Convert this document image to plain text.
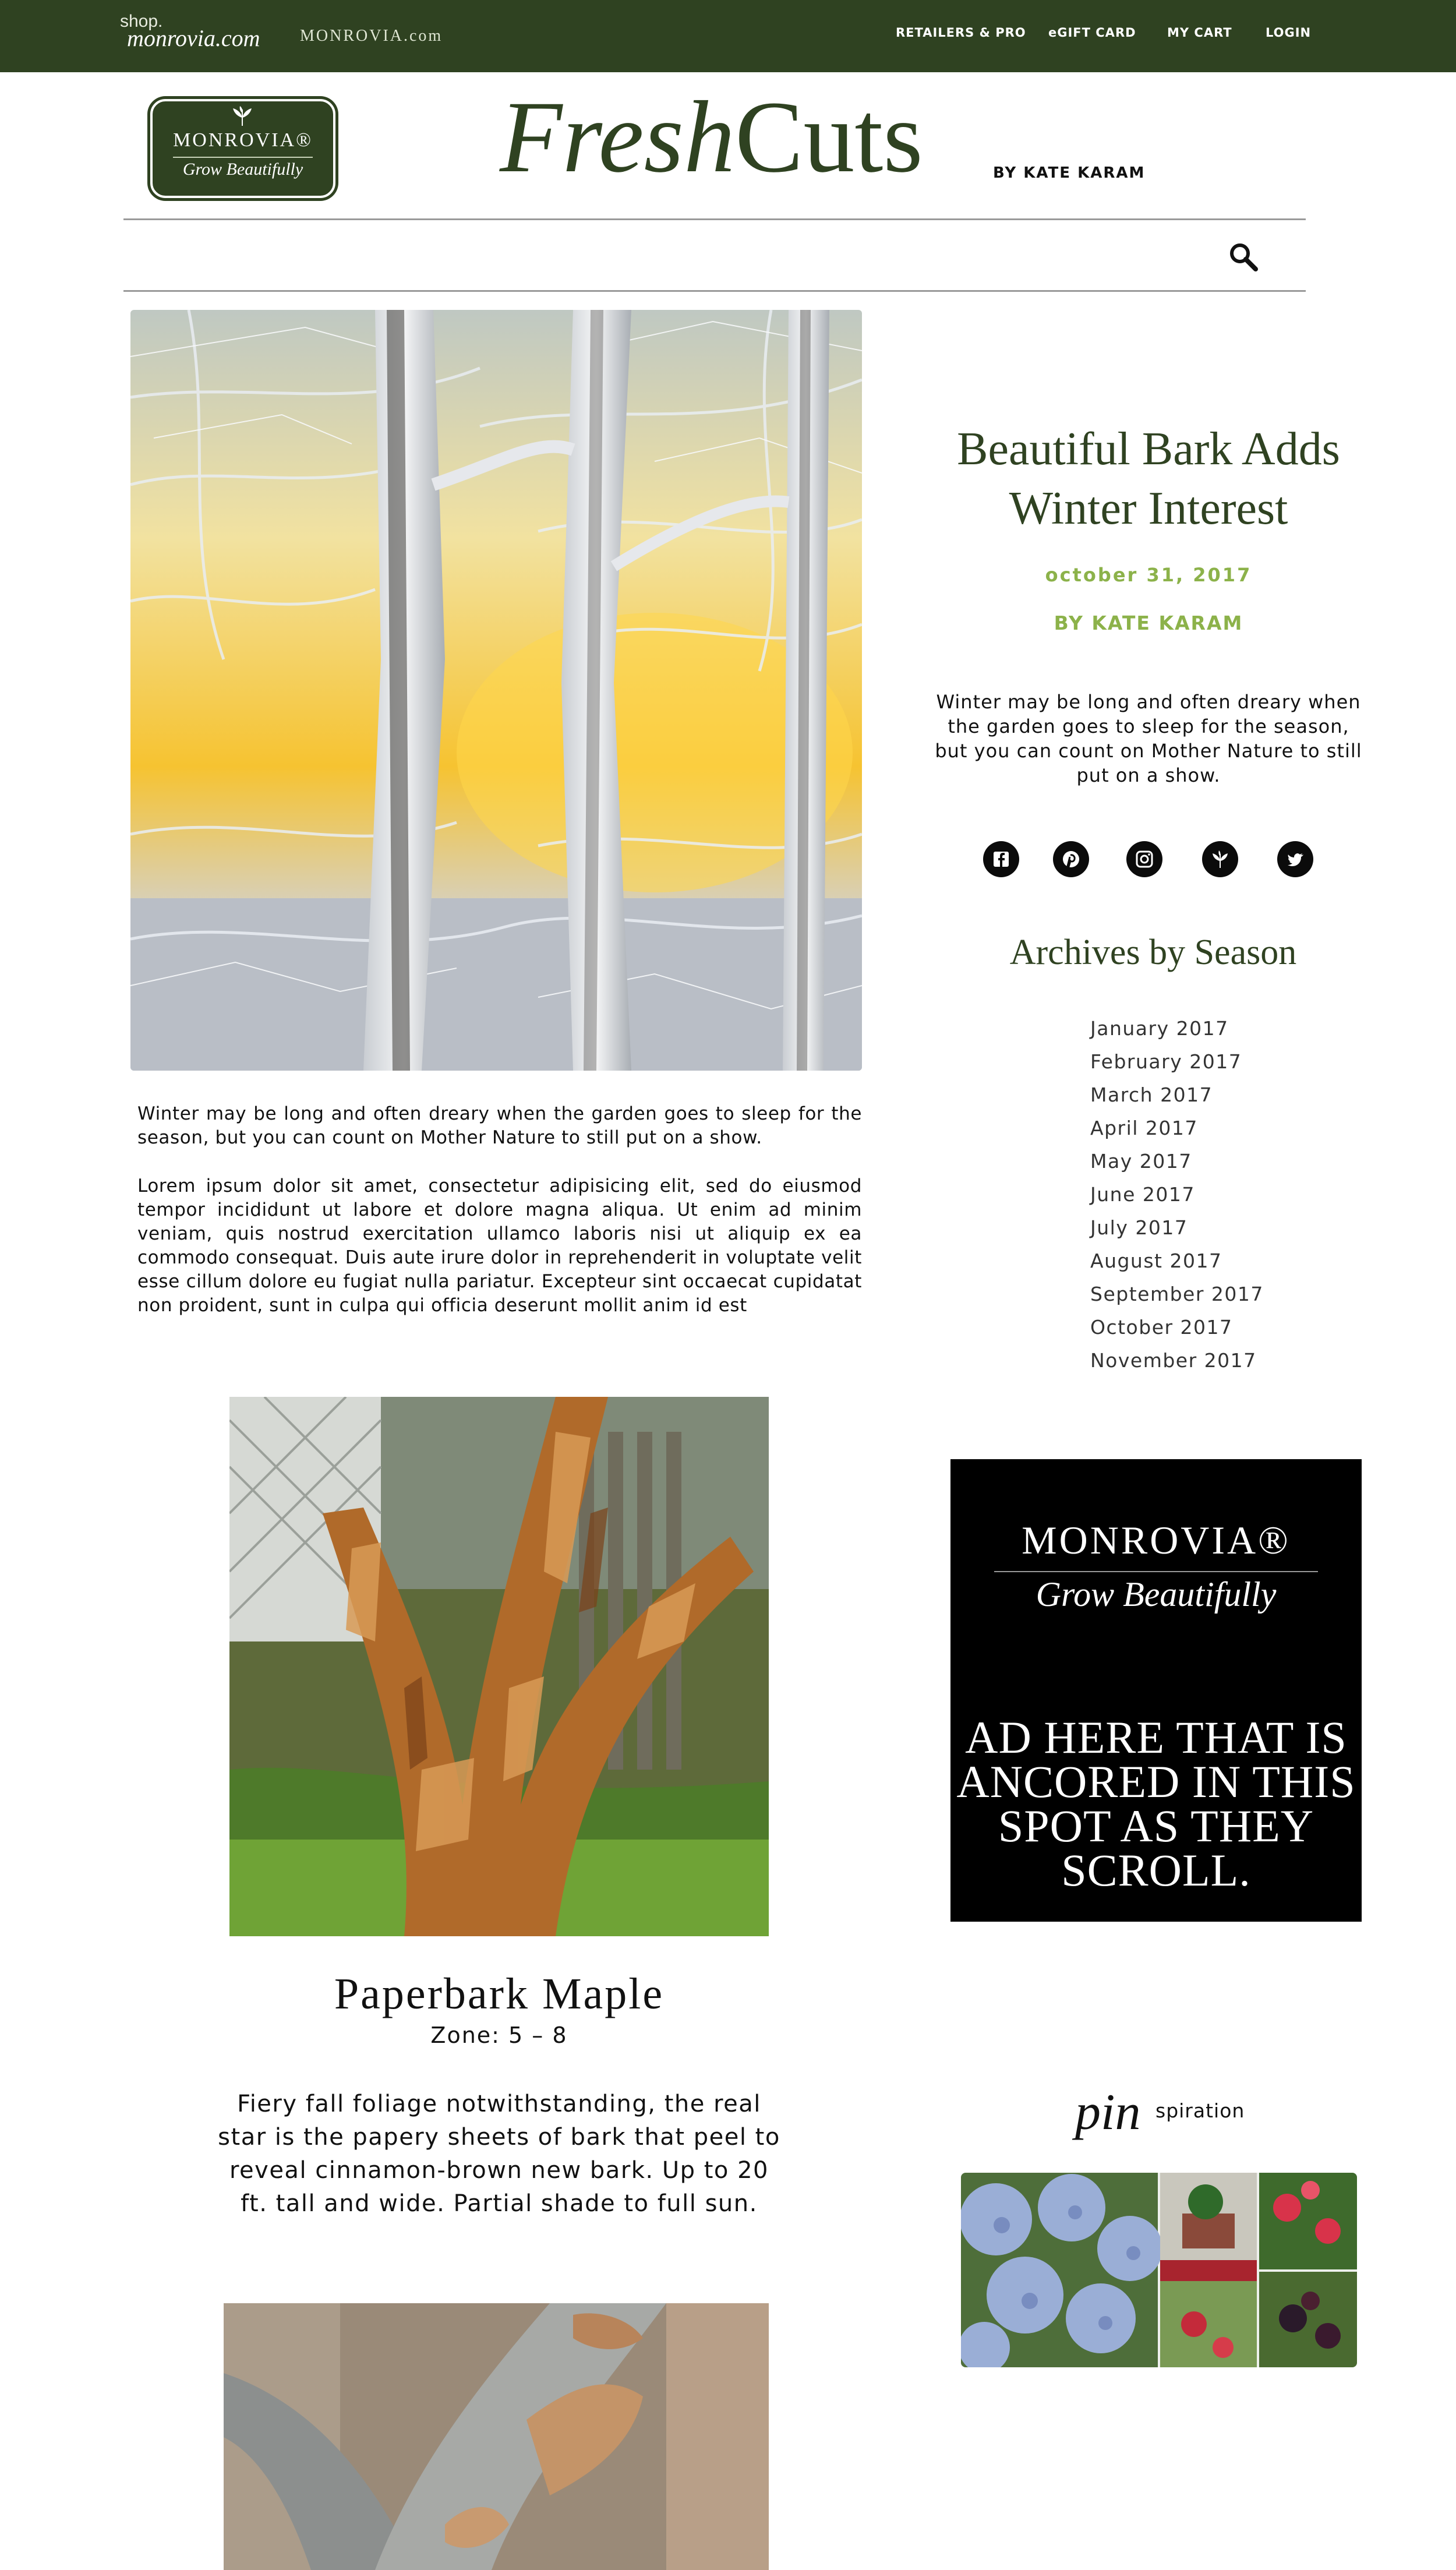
shop.
monrovia.com MONROVIA.com	RETAILERS & PRO eGIFT CARD	MY CART	LOGIN
MONROVIA®
Grow Beautifully Fresh Cuts	BY KATE KARAM
Winter may be long and often dreary when the garden goes to sleep for the season, but you can count on Mother Nature to still put on a show.
Lorem ipsum dolor sit amet, consectetur adipisicing elit, sed do eiusmod tempor incididunt ut labore et dolore magna aliqua. Ut enim ad minim veniam, quis nostrud exercitation ullamco laboris nisi ut aliquip ex ea commodo consequat. Duis aute irure dolor in reprehenderit in voluptate velit esse cillum dolore eu fugiat nulla pariatur. Excepteur sint occaecat cupidatat non proident, sunt in culpa qui officia deserunt mollit anim id est
Paperbark Maple
Zone: 5 – 8
Fiery fall foliage notwithstanding, the real star is the papery sheets of bark that peel to reveal cinnamon-brown new bark. Up to 20 ft. tall and wide. Partial shade to full sun.
Beautiful Bark Adds Winter Interest
october 31, 2017
BY KATE KARAM
Winter may be long and often dreary when the garden goes to sleep for the season, but you can count on Mother Nature to still put on a show.
Archives by Season
January 2017
February 2017
March 2017
April 2017
May 2017
June 2017
July 2017
August 2017
September 2017
October 2017
November 2017
MONROVIA®
Grow Beautifully
AD HERE THAT IS ANCORED IN THIS SPOT AS THEY SCROLL.
pin spiration
